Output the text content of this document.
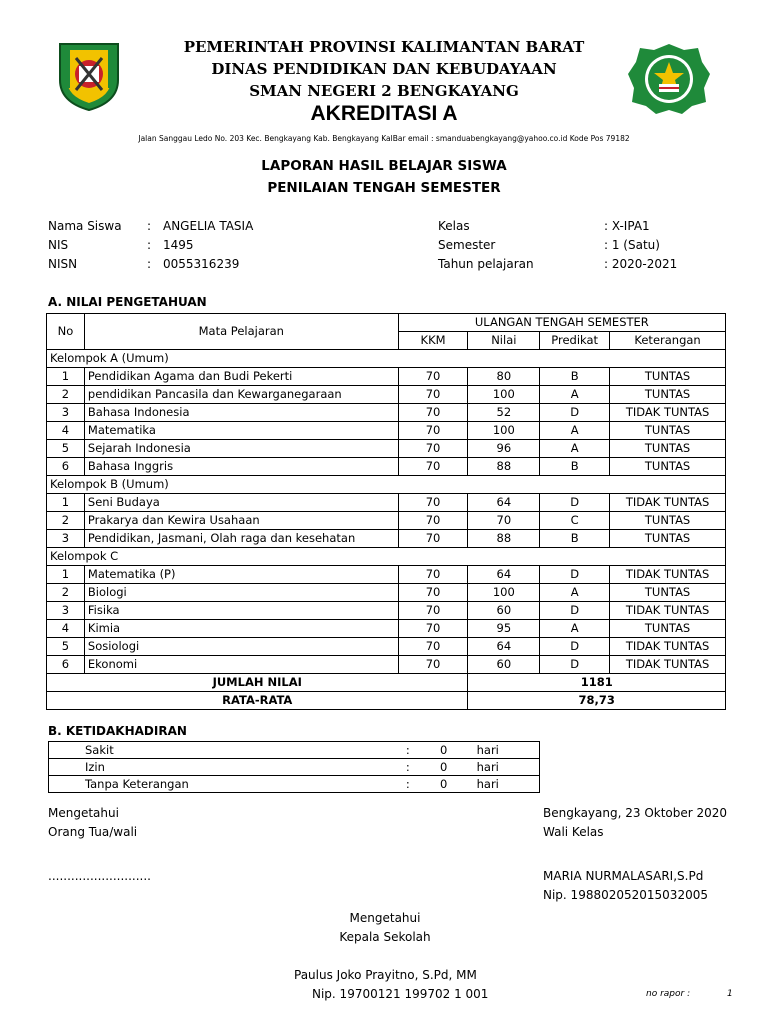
PEMERINTAH PROVINSI KALIMANTAN BARAT
DINAS PENDIDIKAN DAN KEBUDAYAAN
SMAN NEGERI 2 BENGKAYANG
AKREDITASI A
Jalan Sanggau Ledo No. 203 Kec. Bengkayang Kab. Bengkayang KalBar email : smanduabengkayang@yahoo.co.id Kode Pos 79182
LAPORAN HASIL BELAJAR SISWA
PENILAIAN TENGAH SEMESTER
Nama Siswa : ANGELIA TASIA
NIS	: 1495
NISN	: 0055316239
Kelas	: X-IPA1
Semester	: 1 (Satu)
Tahun pelajaran	: 2020-2021
A. NILAI PENGETAHUAN
No	Mata Pelajaran	ULANGAN TENGAH SEMESTER			
		KKM	Nilai	Predikat	Keterangan
Kelompok A (Umum)					
1	Pendidikan Agama dan Budi Pekerti	70	80	B	TUNTAS
2	pendidikan Pancasila dan Kewarganegaraan	70	100	A	TUNTAS
3	Bahasa Indonesia	70	52	D	TIDAK TUNTAS
4	Matematika	70	100	A	TUNTAS
5	Sejarah Indonesia	70	96	A	TUNTAS
6	Bahasa Inggris	70	88	B	TUNTAS
Kelompok B (Umum)					
1	Seni Budaya	70	64	D	TIDAK TUNTAS
2	Prakarya dan Kewira Usahaan	70	70	C	TUNTAS
3	Pendidikan, Jasmani, Olah raga dan kesehatan	70	88	B	TUNTAS
Kelompok C					
1	Matematika (P)	70	64	D	TIDAK TUNTAS
2	Biologi	70	100	A	TUNTAS
3	Fisika	70	60	D	TIDAK TUNTAS
4	Kimia	70	95	A	TUNTAS
5	Sosiologi	70	64	D	TIDAK TUNTAS
6	Ekonomi	70	60	D	TIDAK TUNTAS
JUMLAH NILAI			1181		
RATA-RATA			78,73		
B. KETIDAKHADIRAN
Sakit	:	0	hari
Izin	:	0	hari
Tanpa Keterangan	:	0	hari
Mengetahui
Orang Tua/wali
...........................
Bengkayang, 23 Oktober 2020
Wali Kelas
MARIA NURMALASARI,S.Pd
Nip. 198802052015032005
Mengetahui
Kepala Sekolah
Paulus Joko Prayitno, S.Pd, MM
Nip. 19700121 199702 1 001	no rapor :	1
